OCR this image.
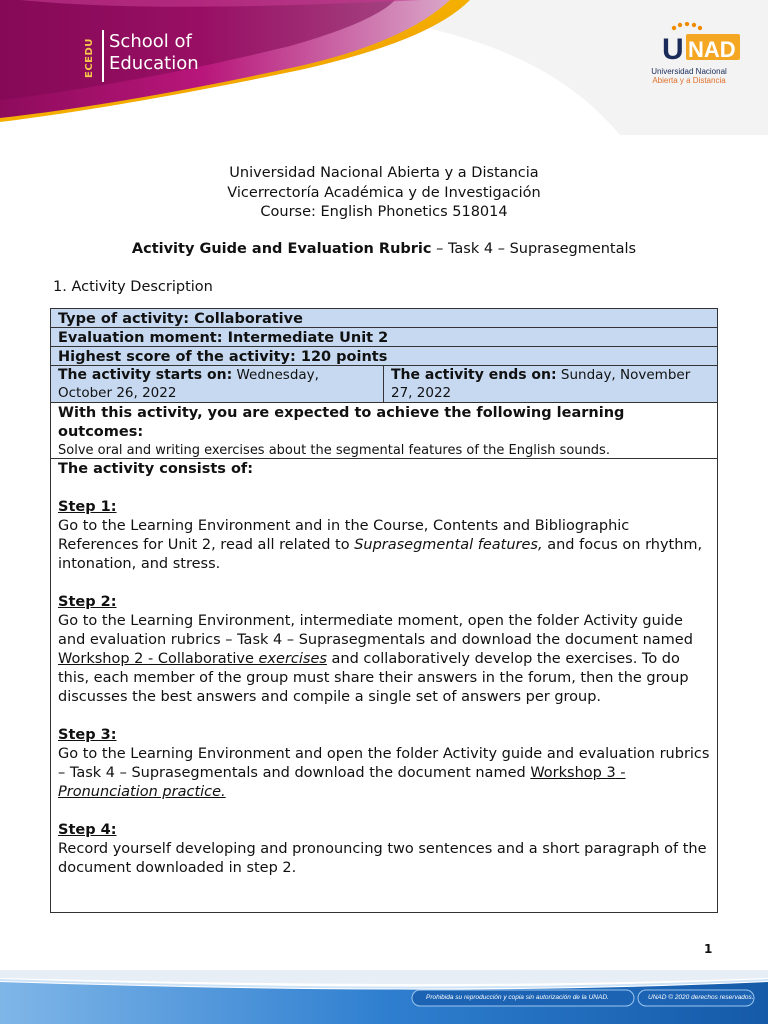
ECEDU School of
Education	U NAD
Universidad Nacional
Abierta y a Distancia
Universidad Nacional Abierta y a Distancia
Vicerrectoría Académica y de Investigación
Course: English Phonetics 518014
Activity Guide and Evaluation Rubric – Task 4 – Suprasegmentals
1. Activity Description
Type of activity: Collaborative
Evaluation moment: Intermediate Unit 2
Highest score of the activity: 120 points
The activity starts on: Wednesday, October 26, 2022
The activity ends on: Sunday, November 27, 2022
With this activity, you are expected to achieve the following learning outcomes:
Solve oral and writing exercises about the segmental features of the English sounds.

The activity consists of:

Step 1:

Go to the Learning Environment and in the Course, Contents and Bibliographic References for Unit 2, read all related to Suprasegmental features, and focus on rhythm, intonation, and stress.

Step 2:

Go to the Learning Environment, intermediate moment, open the folder Activity guide and evaluation rubrics – Task 4 – Suprasegmentals and download the document named Workshop 2 - Collaborative exercises and collaboratively develop the exercises. To do this, each member of the group must share their answers in the forum, then the group discusses the best answers and compile a single set of answers per group.

Step 3:

Go to the Learning Environment and open the folder Activity guide and evaluation rubrics – Task 4 – Suprasegmentals and download the document named Workshop 3 - Pronunciation practice.

Step 4:

Record yourself developing and pronouncing two sentences and a short paragraph of the document downloaded in step 2.

1
Prohibida su reproducción y copia sin autorización de la UNAD.	UNAD © 2020 derechos reservados.
